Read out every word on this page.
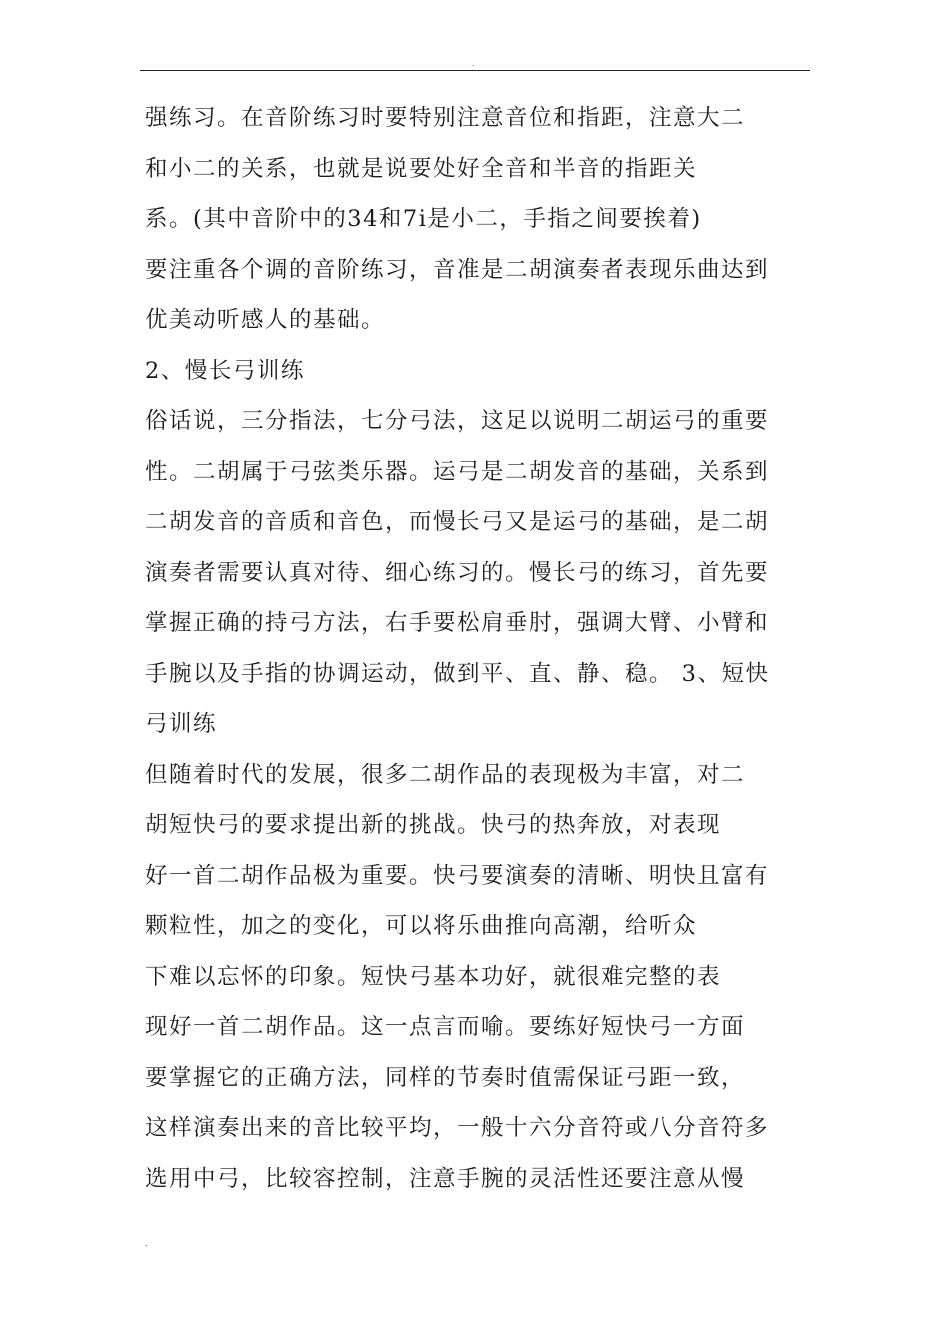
.
强练习。在音阶练习时要特别注意音位和指距，注意大二
和小二的关系，也就是说要处好全音和半音的指距关
系。(其中音阶中的34和7i是小二，手指之间要挨着)
要注重各个调的音阶练习，音准是二胡演奏者表现乐曲达到
优美动听感人的基础。
2、慢长弓训练
俗话说，三分指法，七分弓法，这足以说明二胡运弓的重要
性。二胡属于弓弦类乐器。运弓是二胡发音的基础，关系到
二胡发音的音质和音色，而慢长弓又是运弓的基础，是二胡
演奏者需要认真对待、细心练习的。慢长弓的练习，首先要
掌握正确的持弓方法，右手要松肩垂肘，强调大臂、小臂和
手腕以及手指的协调运动，做到平、直、静、稳。 3、短快
弓训练
但随着时代的发展，很多二胡作品的表现极为丰富，对二
胡短快弓的要求提出新的挑战。快弓的热奔放，对表现
好一首二胡作品极为重要。快弓要演奏的清晰、明快且富有
颗粒性，加之的变化，可以将乐曲推向高潮，给听众
下难以忘怀的印象。短快弓基本功好，就很难完整的表
现好一首二胡作品。这一点言而喻。要练好短快弓一方面
要掌握它的正确方法，同样的节奏时值需保证弓距一致，
这样演奏出来的音比较平均，一般十六分音符或八分音符多
选用中弓，比较容控制，注意手腕的灵活性还要注意从慢
.
